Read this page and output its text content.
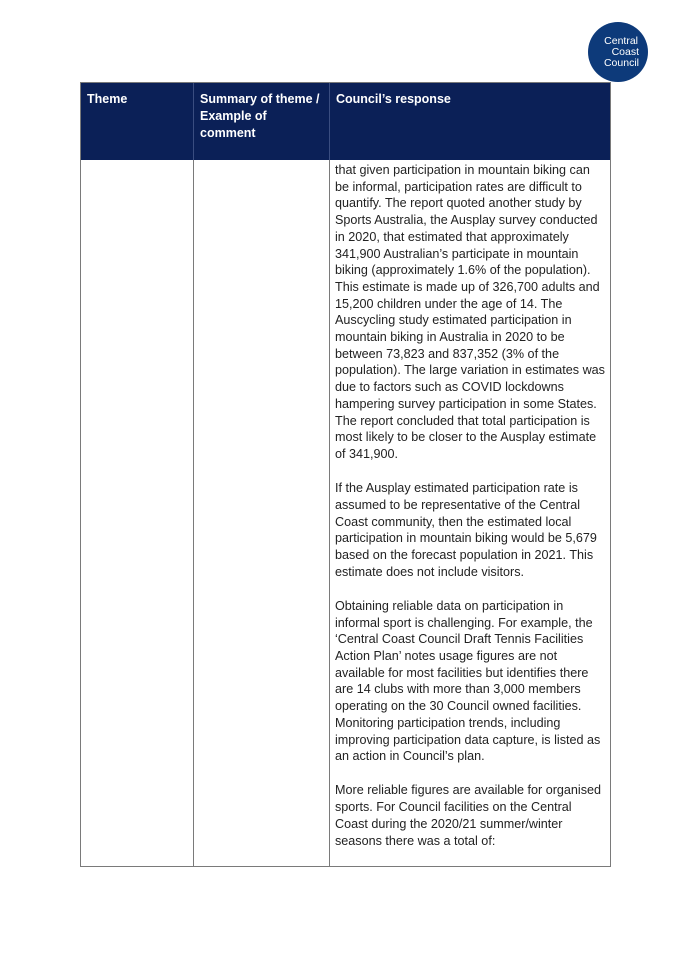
Central
Coast
Council
Theme	Summary of theme / Example of comment
Council’s response

that given participation in mountain biking can be informal, participation rates are difficult to quantify. The report quoted another study by Sports Australia, the Ausplay survey conducted in 2020, that estimated that approximately 341,900 Australian’s participate in mountain biking (approximately 1.6% of the population). This estimate is made up of 326,700 adults and 15,200 children under the age of 14. The Auscycling study estimated participation in mountain biking in Australia in 2020 to be between 73,823 and 837,352 (3% of the population). The large variation in estimates was due to factors such as COVID lockdowns hampering survey participation in some States. The report concluded that total participation is most likely to be closer to the Ausplay estimate of 341,900.

If the Ausplay estimated participation rate is assumed to be representative of the Central Coast community, then the estimated local participation in mountain biking would be 5,679 based on the forecast population in 2021. This estimate does not include visitors.

Obtaining reliable data on participation in informal sport is challenging. For example, the ‘Central Coast Council Draft Tennis Facilities Action Plan’ notes usage figures are not available for most facilities but identifies there are 14 clubs with more than 3,000 members operating on the 30 Council owned facilities. Monitoring participation trends, including improving participation data capture, is listed as an action in Council’s plan.

More reliable figures are available for organised sports. For Council facilities on the Central Coast during the 2020/21 summer/winter seasons there was a total of:
